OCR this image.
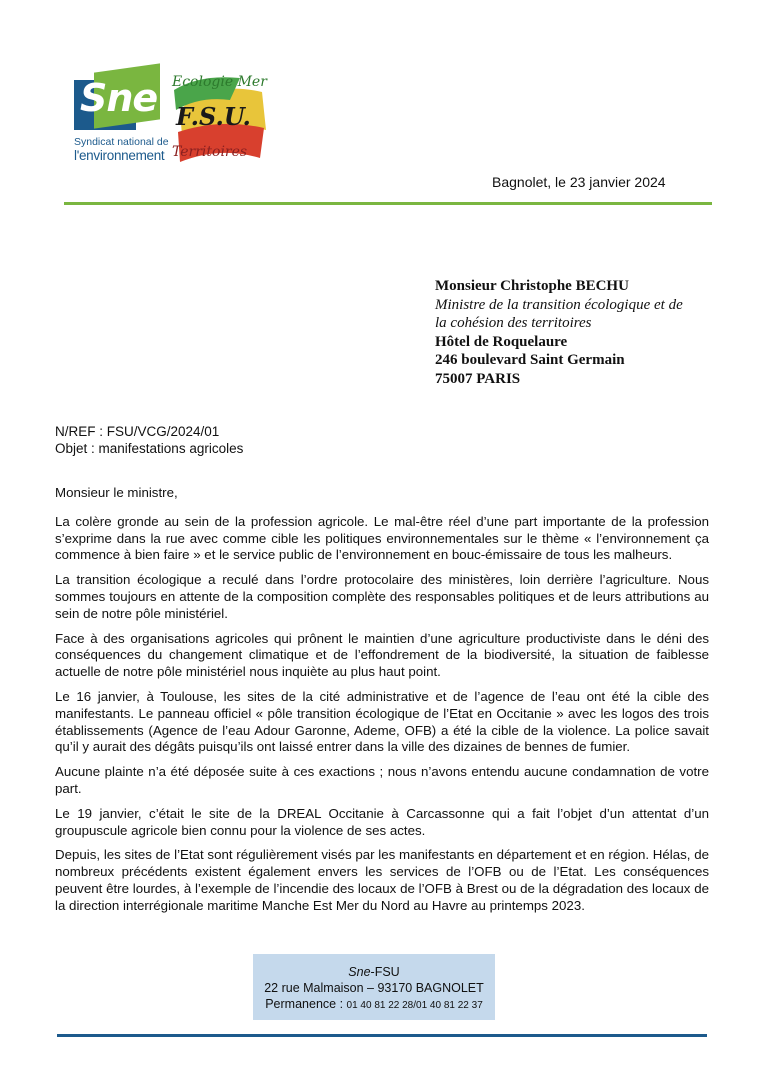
Sne
Syndicat national de
l'environnement
Ecologie Mer
F.S.U.
Territoires
Bagnolet, le 23 janvier 2024
Monsieur Christophe BECHU
Ministre de la transition écologique et de
la cohésion des territoires
Hôtel de Roquelaure
246 boulevard Saint Germain
75007 PARIS
N/REF : FSU/VCG/2024/01
Objet : manifestations agricoles

Monsieur le ministre,

La colère gronde au sein de la profession agricole. Le mal-être réel d’une part importante de la profession s’exprime dans la rue avec comme cible les politiques environnementales sur le thème « l’environnement ça commence à bien faire » et le service public de l’environnement en bouc-émissaire de tous les malheurs.

La transition écologique a reculé dans l’ordre protocolaire des ministères, loin derrière l’agriculture. Nous sommes toujours en attente de la composition complète des responsables politiques et de leurs attributions au sein de notre pôle ministériel.

Face à des organisations agricoles qui prônent le maintien d’une agriculture productiviste dans le déni des conséquences du changement climatique et de l’effondrement de la biodiversité, la situation de faiblesse actuelle de notre pôle ministériel nous inquiète au plus haut point.

Le 16 janvier, à Toulouse, les sites de la cité administrative et de l’agence de l’eau ont été la cible des manifestants. Le panneau officiel « pôle transition écologique de l’Etat en Occitanie » avec les logos des trois établissements (Agence de l’eau Adour Garonne, Ademe, OFB) a été la cible de la violence. La police savait qu’il y aurait des dégâts puisqu’ils ont laissé entrer dans la ville des dizaines de bennes de fumier.

Aucune plainte n’a été déposée suite à ces exactions ; nous n’avons entendu aucune condamnation de votre part.

Le 19 janvier, c’était le site de la DREAL Occitanie à Carcassonne qui a fait l’objet d’un attentat d’un groupuscule agricole bien connu pour la violence de ses actes.

Depuis, les sites de l’Etat sont régulièrement visés par les manifestants en département et en région. Hélas, de nombreux précédents existent également envers les services de l’OFB ou de l’Etat. Les conséquences peuvent être lourdes, à l’exemple de l’incendie des locaux de l’OFB à Brest ou de la dégradation des locaux de la direction interrégionale maritime Manche Est Mer du Nord au Havre au printemps 2023.

Sne-FSU
22 rue Malmaison – 93170 BAGNOLET
Permanence : 01 40 81 22 28/01 40 81 22 37
